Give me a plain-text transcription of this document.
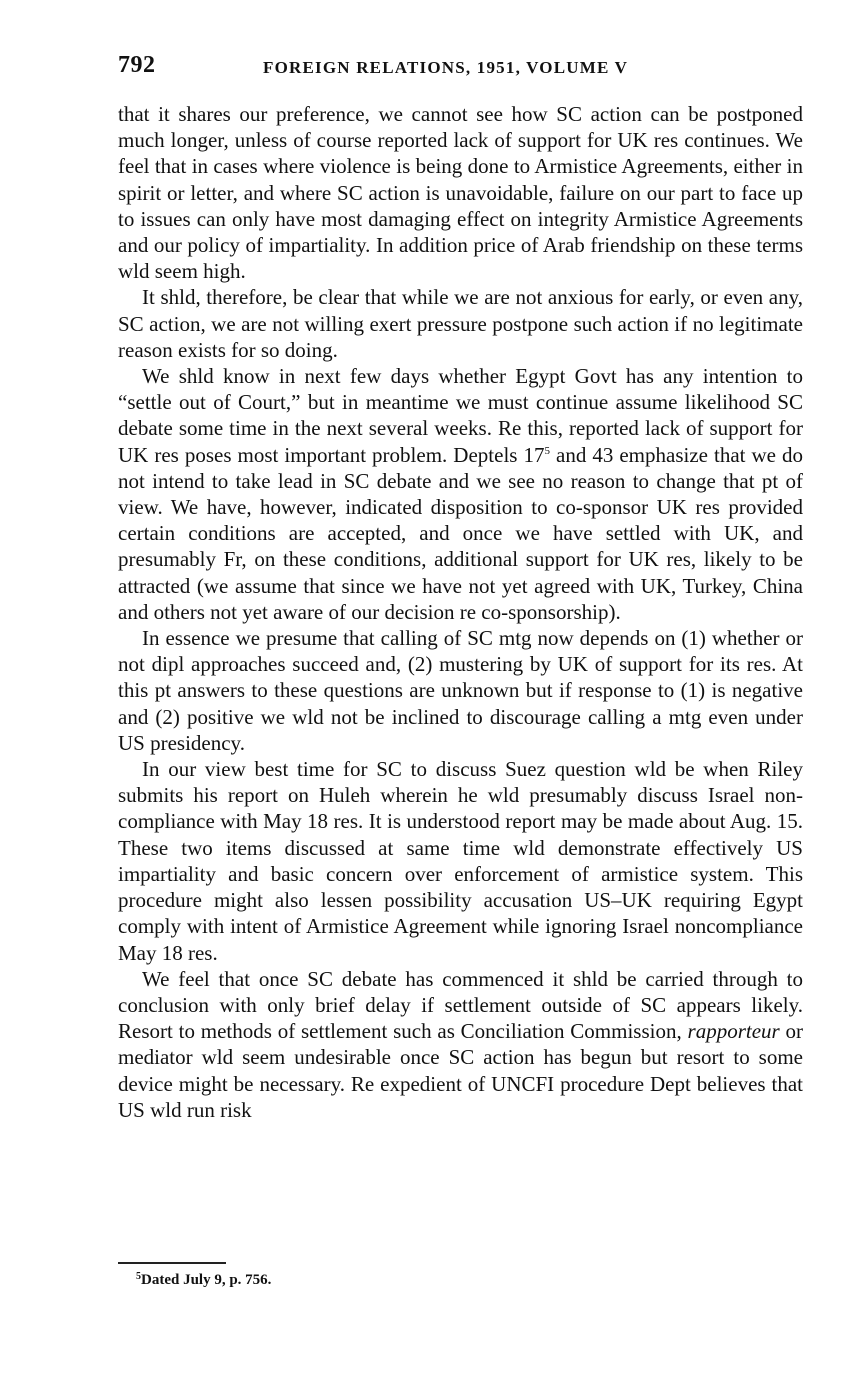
792	FOREIGN RELATIONS, 1951, VOLUME V

that it shares our preference, we cannot see how SC action can be postponed much longer, unless of course reported lack of support for UK res continues. We feel that in cases where violence is being done to Armistice Agreements, either in spirit or letter, and where SC action is unavoidable, failure on our part to face up to issues can only have most damaging effect on integrity Armistice Agreements and our policy of impartiality. In addition price of Arab friendship on these terms wld seem high.

It shld, therefore, be clear that while we are not anxious for early, or even any, SC action, we are not willing exert pressure postpone such action if no legitimate reason exists for so doing.

We shld know in next few days whether Egypt Govt has any intention to “settle out of Court,” but in meantime we must continue assume likelihood SC debate some time in the next several weeks. Re this, reported lack of support for UK res poses most important problem. Deptels 17$^5$ and 43 emphasize that we do not intend to take lead in SC debate and we see no reason to change that pt of view. We have, however, indicated disposition to co-sponsor UK res provided certain conditions are accepted, and once we have settled with UK, and presumably Fr, on these conditions, additional support for UK res, likely to be attracted (we assume that since we have not yet agreed with UK, Turkey, China and others not yet aware of our decision re co-sponsorship).

In essence we presume that calling of SC mtg now depends on (1) whether or not dipl approaches succeed and, (2) mustering by UK of support for its res. At this pt answers to these questions are unknown but if response to (1) is negative and (2) positive we wld not be inclined to discourage calling a mtg even under US presidency.

In our view best time for SC to discuss Suez question wld be when Riley submits his report on Huleh wherein he wld presumably discuss Israel non-compliance with May 18 res. It is understood report may be made about Aug. 15. These two items discussed at same time wld demonstrate effectively US impartiality and basic concern over enforcement of armistice system. This procedure might also lessen possibility accusation US–UK requiring Egypt comply with intent of Armistice Agreement while ignoring Israel noncompliance May 18 res.

We feel that once SC debate has commenced it shld be carried through to conclusion with only brief delay if settlement outside of SC appears likely. Resort to methods of settlement such as Conciliation Commission, rapporteur or mediator wld seem undesirable once SC action has begun but resort to some device might be necessary. Re expedient of UNCFI procedure Dept believes that US wld run risk

$^5$Dated July 9, p. 756.
